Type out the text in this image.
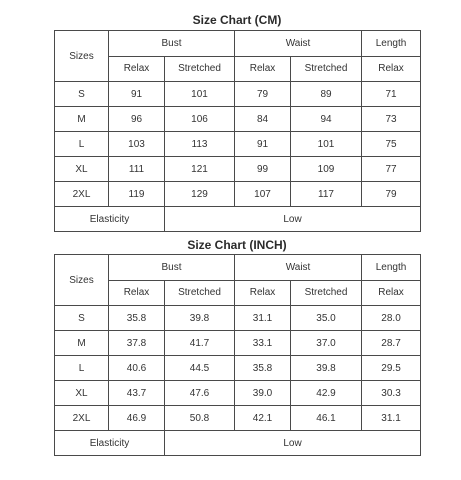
Size Chart (CM)
Sizes	Bust		Waist		Length
	Relax	Stretched	Relax	Stretched	Relax
S	91	101	79	89	71
M	96	106	84	94	73
L	103	113	91	101	75
XL	111	121	99	109	77
2XL	119	129	107	117	79
Elasticity		Low			
Size Chart (INCH)
Sizes	Bust		Waist		Length
	Relax	Stretched	Relax	Stretched	Relax
S	35.8	39.8	31.1	35.0	28.0
M	37.8	41.7	33.1	37.0	28.7
L	40.6	44.5	35.8	39.8	29.5
XL	43.7	47.6	39.0	42.9	30.3
2XL	46.9	50.8	42.1	46.1	31.1
Elasticity		Low			
